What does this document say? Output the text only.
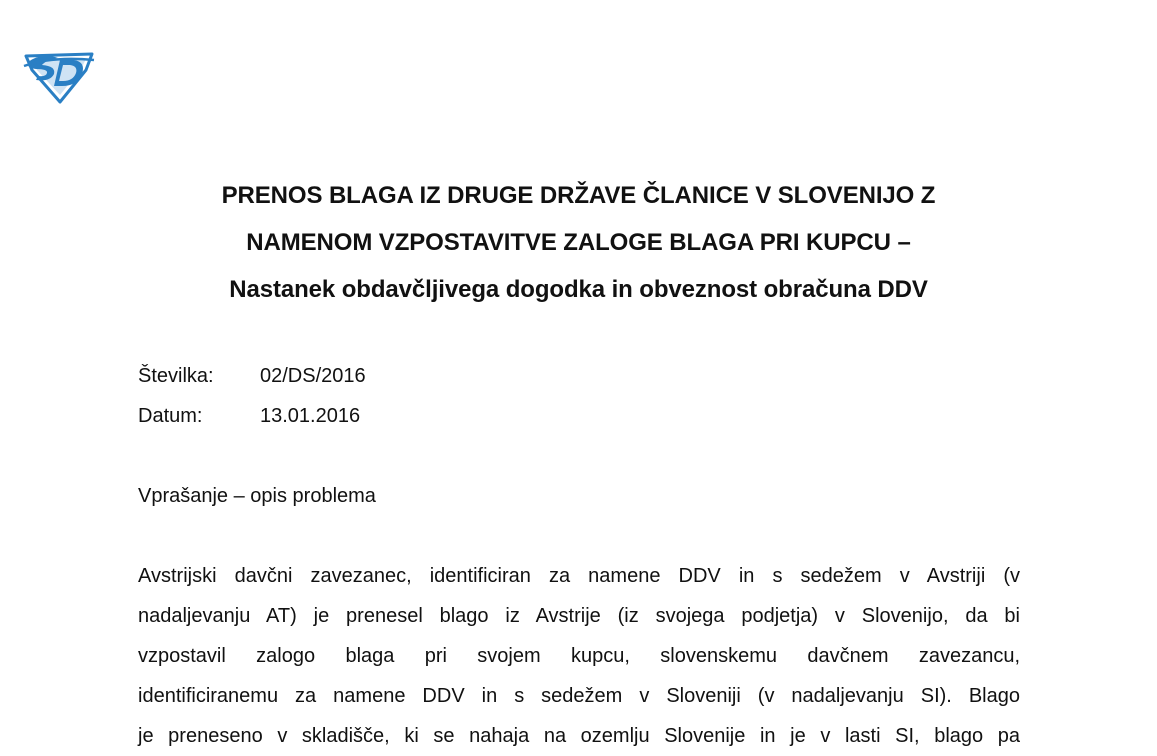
PRENOS BLAGA IZ DRUGE DRŽAVE ČLANICE V SLOVENIJO Z
NAMENOM VZPOSTAVITVE ZALOGE BLAGA PRI KUPCU –
Nastanek obdavčljivega dogodka in obveznost obračuna DDV
Številka:	02/DS/2016
Datum:	13.01.2016
Vprašanje – opis problema
Avstrijski davčni zavezanec, identificiran za namene DDV in s sedežem v Avstriji (v
nadaljevanju AT) je prenesel blago iz Avstrije (iz svojega podjetja) v Slovenijo, da bi
vzpostavil zalogo blaga pri svojem kupcu, slovenskemu davčnem zavezancu,
identificiranemu za namene DDV in s sedežem v Sloveniji (v nadaljevanju SI). Blago
je preneseno v skladišče, ki se nahaja na ozemlju Slovenije in je v lasti SI, blago pa
